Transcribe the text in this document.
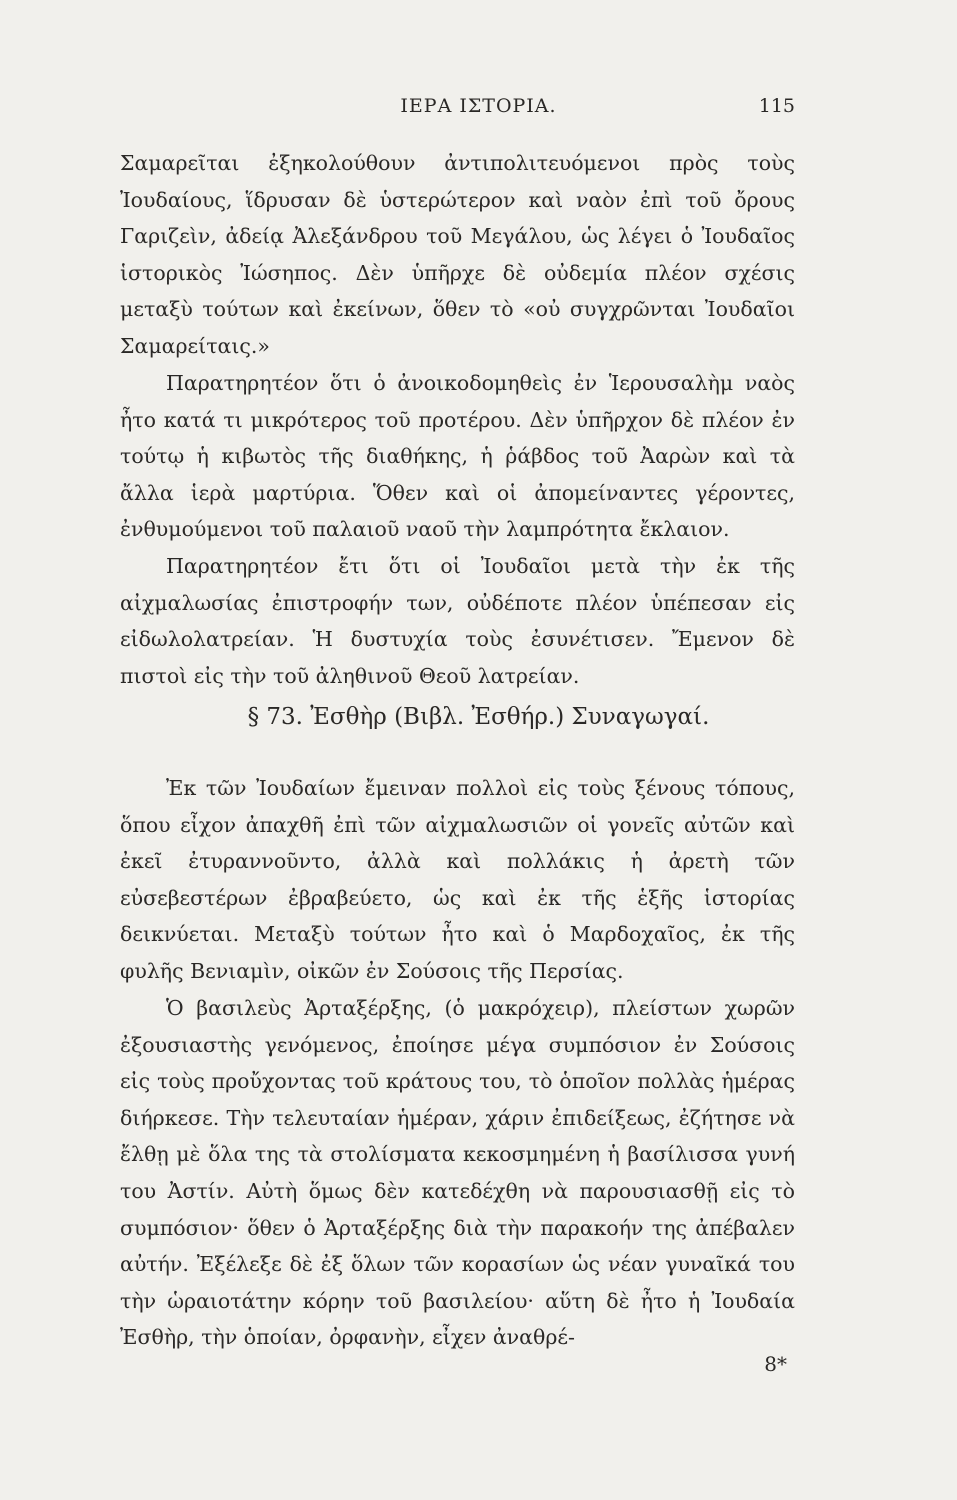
ΙΕΡΑ ΙΣΤΟΡΙΑ.	115

Σαμαρεῖται ἐξηκολούθουν ἀντιπολιτευόμενοι πρὸς τοὺς Ἰουδαίους, ἵδρυσαν δὲ ὑστερώτερον καὶ ναὸν ἐπὶ τοῦ ὄρους Γαριζεὶν, ἀδείᾳ Ἀλεξάνδρου τοῦ Μεγάλου, ὡς λέγει ὁ Ἰουδαῖος ἱστορικὸς Ἰώσηπος. Δὲν ὑπῆρχε δὲ οὐδεμία πλέον σχέσις μεταξὺ τούτων καὶ ἐκείνων, ὅθεν τὸ «οὐ συγχρῶνται Ἰουδαῖοι Σαμαρείταις.»

Παρατηρητέον ὅτι ὁ ἀνοικοδομηθεὶς ἐν Ἱερουσαλὴμ ναὸς ἦτο κατά τι μικρότερος τοῦ προτέρου. Δὲν ὑπῆρχον δὲ πλέον ἐν τούτῳ ἡ κιβωτὸς τῆς διαθήκης, ἡ ῥάβδος τοῦ Ἀαρὼν καὶ τὰ ἄλλα ἱερὰ μαρτύρια. Ὅθεν καὶ οἱ ἀπομείναντες γέροντες, ἐνθυμούμενοι τοῦ παλαιοῦ ναοῦ τὴν λαμπρότητα ἔκλαιον.

Παρατηρητέον ἔτι ὅτι οἱ Ἰουδαῖοι μετὰ τὴν ἐκ τῆς αἰχμαλωσίας ἐπιστροφήν των, οὐδέποτε πλέον ὑπέπεσαν εἰς εἰδωλολατρείαν. Ἡ δυστυχία τοὺς ἐσυνέτισεν. Ἔμενον δὲ πιστοὶ εἰς τὴν τοῦ ἀληθινοῦ Θεοῦ λατρείαν.

§ 73. Ἐσθὴρ (Βιβλ. Ἐσθήρ.) Συναγωγαί.

Ἐκ τῶν Ἰουδαίων ἔμειναν πολλοὶ εἰς τοὺς ξένους τόπους, ὅπου εἶχον ἀπαχθῆ ἐπὶ τῶν αἰχμαλωσιῶν οἱ γονεῖς αὐτῶν καὶ ἐκεῖ ἐτυραννοῦντο, ἀλλὰ καὶ πολλάκις ἡ ἀρετὴ τῶν εὐσεβεστέρων ἐβραβεύετο, ὡς καὶ ἐκ τῆς ἑξῆς ἱστορίας δεικνύεται. Μεταξὺ τούτων ἦτο καὶ ὁ Μαρδοχαῖος, ἐκ τῆς φυλῆς Βενιαμὶν, οἰκῶν ἐν Σούσοις τῆς Περσίας.

Ὁ βασιλεὺς Ἀρταξέρξης, (ὁ μακρόχειρ), πλείστων χωρῶν ἐξουσιαστὴς γενόμενος, ἐποίησε μέγα συμπόσιον ἐν Σούσοις εἰς τοὺς προὔχοντας τοῦ κράτους του, τὸ ὁποῖον πολλὰς ἡμέρας διήρκεσε. Τὴν τελευταίαν ἡμέραν, χάριν ἐπιδείξεως, ἐζήτησε νὰ ἔλθῃ μὲ ὅλα της τὰ στολίσματα κεκοσμημένη ἡ βασίλισσα γυνή του Ἀστίν. Αὐτὴ ὅμως δὲν κατεδέχθη νὰ παρουσιασθῇ εἰς τὸ συμπόσιον· ὅθεν ὁ Ἀρταξέρξης διὰ τὴν παρακοήν της ἀπέβαλεν αὐτήν. Ἐξέλεξε δὲ ἐξ ὅλων τῶν κορασίων ὡς νέαν γυναῖκά του τὴν ὡραιοτάτην κόρην τοῦ βασιλείου· αὕτη δὲ ἦτο ἡ Ἰουδαία Ἐσθὴρ, τὴν ὁποίαν, ὀρφανὴν, εἶχεν ἀναθρέ-

8*
